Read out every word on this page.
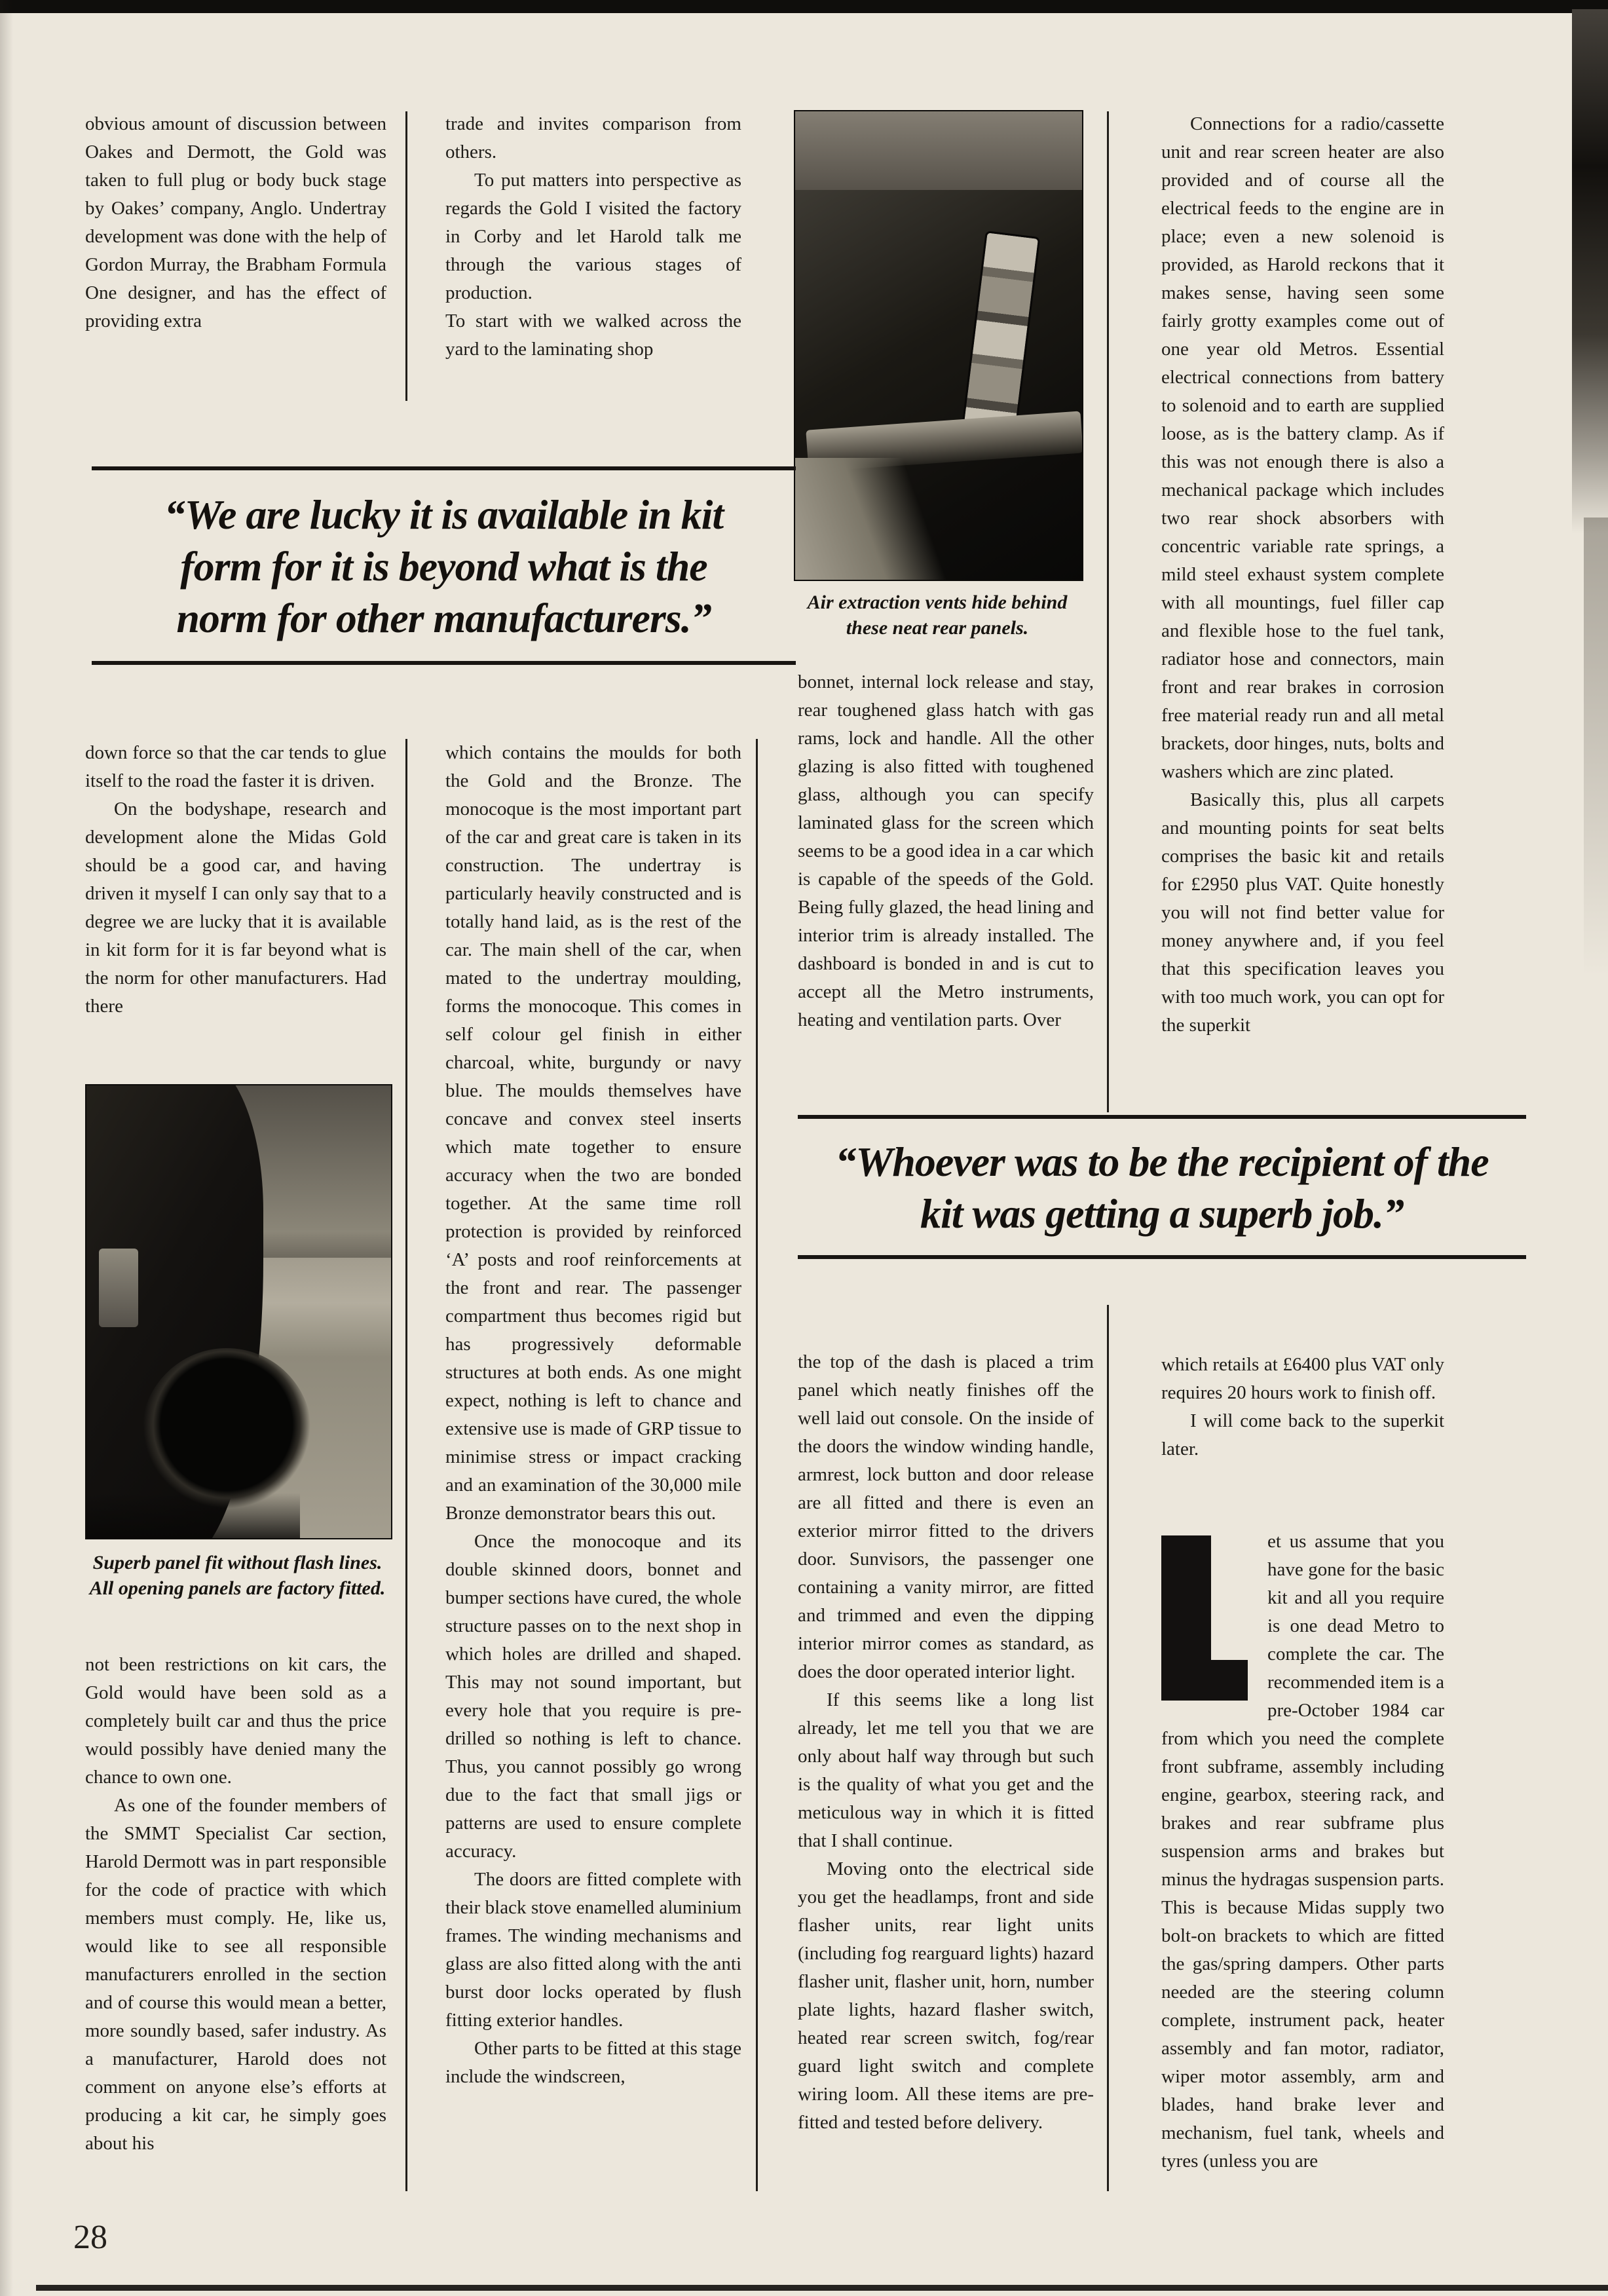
obvious amount of discussion between Oakes and Dermott, the Gold was taken to full plug or body buck stage by Oakes’ company, Anglo. Undertray development was done with the help of Gordon Murray, the Brabham Formula One designer, and has the effect of providing extra

trade and invites comparison from others.

To put matters into perspective as regards the Gold I visited the factory in Corby and let Harold talk me through the various stages of production.

To start with we walked across the yard to the laminating shop

Air extraction vents hide behind these neat rear panels.

Connections for a radio/cassette unit and rear screen heater are also provided and of course all the electrical feeds to the engine are in place; even a new solenoid is provided, as Harold reckons that it makes sense, having seen some fairly grotty examples come out of one year old Metros. Essential electrical connections from battery to solenoid and to earth are supplied loose, as is the battery clamp. As if this was not enough there is also a mechanical package which includes two rear shock absorbers with concentric variable rate springs, a mild steel exhaust system complete with all mountings, fuel filler cap and flexible hose to the fuel tank, radiator hose and connectors, main front and rear brakes in corrosion free material ready run and all metal brackets, door hinges, nuts, bolts and washers which are zinc plated.

Basically this, plus all carpets and mounting points for seat belts comprises the basic kit and retails for £2950 plus VAT. Quite honestly you will not find better value for money anywhere and, if you feel that this specification leaves you with too much work, you can opt for the superkit

“We are lucky it is available in kit form for it is beyond what is the norm for other manufacturers.”

down force so that the car tends to glue itself to the road the faster it is driven.

On the bodyshape, research and development alone the Midas Gold should be a good car, and having driven it myself I can only say that to a degree we are lucky that it is available in kit form for it is far beyond what is the norm for other manufacturers. Had there

which contains the moulds for both the Gold and the Bronze. The monocoque is the most important part of the car and great care is taken in its construction. The undertray is particularly heavily constructed and is totally hand laid, as is the rest of the car. The main shell of the car, when mated to the undertray moulding, forms the monocoque. This comes in self colour gel finish in either charcoal, white, burgundy or navy blue. The moulds themselves have concave and convex steel inserts which mate together to ensure accuracy when the two are bonded together. At the same time roll protection is provided by reinforced ‘A’ posts and roof reinforcements at the front and rear. The passenger compartment thus becomes rigid but has progressively deformable structures at both ends. As one might expect, nothing is left to chance and extensive use is made of GRP tissue to minimise stress or impact cracking and an examination of the 30,000 mile Bronze demonstrator bears this out.

Once the monocoque and its double skinned doors, bonnet and bumper sections have cured, the whole structure passes on to the next shop in which holes are drilled and shaped. This may not sound important, but every hole that you require is pre-drilled so nothing is left to chance. Thus, you cannot possibly go wrong due to the fact that small jigs or patterns are used to ensure complete accuracy.

The doors are fitted complete with their black stove enamelled aluminium frames. The winding mechanisms and glass are also fitted along with the anti burst door locks operated by flush fitting exterior handles.

Other parts to be fitted at this stage include the windscreen,

bonnet, internal lock release and stay, rear toughened glass hatch with gas rams, lock and handle. All the other glazing is also fitted with toughened glass, although you can specify laminated glass for the screen which seems to be a good idea in a car which is capable of the speeds of the Gold. Being fully glazed, the head lining and interior trim is already installed. The dashboard is bonded in and is cut to accept all the Metro instruments, heating and ventilation parts. Over

“Whoever was to be the recipient of the kit was getting a superb job.”

the top of the dash is placed a trim panel which neatly finishes off the well laid out console. On the inside of the doors the window winding handle, armrest, lock button and door release are all fitted and there is even an exterior mirror fitted to the drivers door. Sunvisors, the passenger one containing a vanity mirror, are fitted and trimmed and even the dipping interior mirror comes as standard, as does the door operated interior light.

If this seems like a long list already, let me tell you that we are only about half way through but such is the quality of what you get and the meticulous way in which it is fitted that I shall continue.

Moving onto the electrical side you get the headlamps, front and side flasher units, rear light units (including fog rearguard lights) hazard flasher unit, flasher unit, horn, number plate lights, hazard flasher switch, heated rear screen switch, fog/rear guard light switch and complete wiring loom. All these items are pre-fitted and tested before delivery.

which retails at £6400 plus VAT only requires 20 hours work to finish off.

I will come back to the superkit later.

et us assume that you have gone for the basic kit and all you require is one dead Metro to complete the car. The recommended item is a pre-October 1984 car from which you need the complete front subframe, assembly including engine, gearbox, steering rack, and brakes and rear subframe plus suspension arms and brakes but minus the hydragas suspension parts. This is because Midas supply two bolt-on brackets to which are fitted the gas/spring dampers. Other parts needed are the steering column complete, instrument pack, heater assembly and fan motor, radiator, wiper motor assembly, arm and blades, hand brake lever and mechanism, fuel tank, wheels and tyres (unless you are

Superb panel fit without flash lines. All opening panels are factory fitted.

not been restrictions on kit cars, the Gold would have been sold as a completely built car and thus the price would possibly have denied many the chance to own one.

As one of the founder members of the SMMT Specialist Car section, Harold Dermott was in part responsible for the code of practice with which members must comply. He, like us, would like to see all responsible manufacturers enrolled in the section and of course this would mean a better, more soundly based, safer industry. As a manufacturer, Harold does not comment on anyone else’s efforts at producing a kit car, he simply goes about his

28
